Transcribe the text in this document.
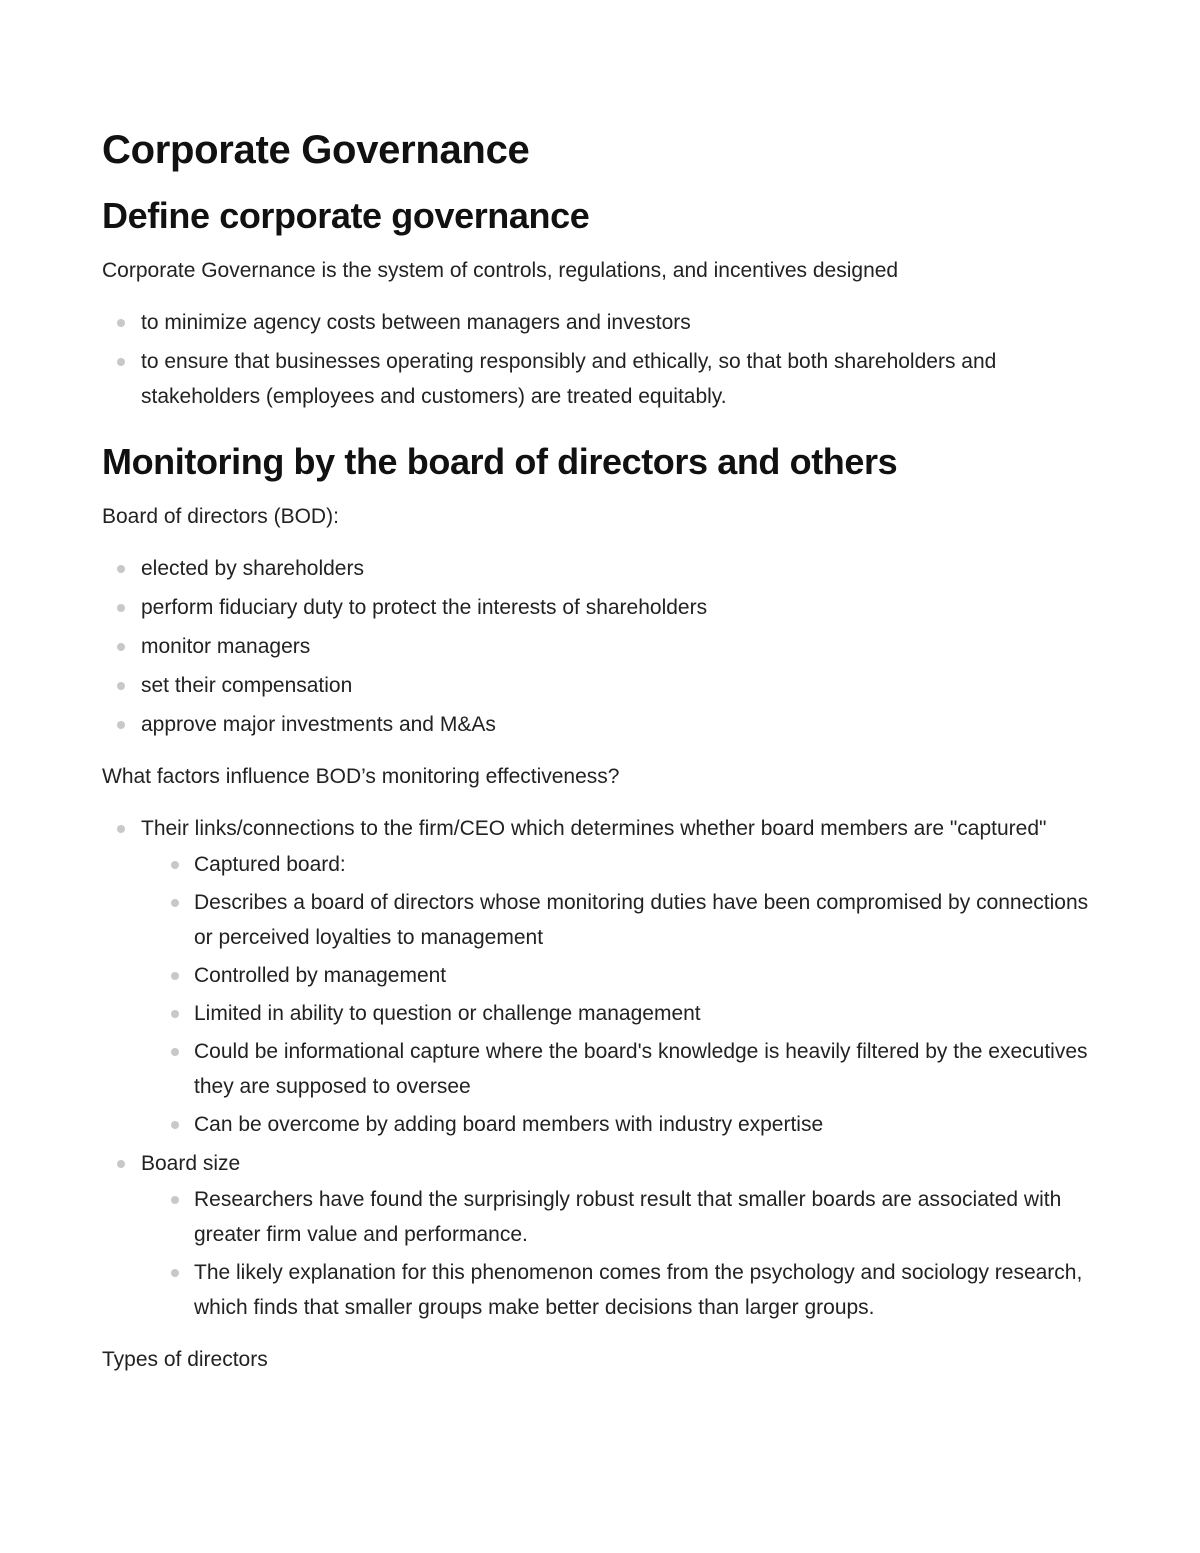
Corporate Governance
Define corporate governance

Corporate Governance is the system of controls, regulations, and incentives designed

to minimize agency costs between managers and investors
to ensure that businesses operating responsibly and ethically, so that both shareholders and stakeholders (employees and customers) are treated equitably.
Monitoring by the board of directors and others

Board of directors (BOD):

elected by shareholders
perform fiduciary duty to protect the interests of shareholders
monitor managers
set their compensation
approve major investments and M&As

What factors influence BOD’s monitoring effectiveness?

Their links/connections to the firm/CEO which determines whether board members are "captured"
Captured board:
Describes a board of directors whose monitoring duties have been compromised by connections or perceived loyalties to management
Controlled by management
Limited in ability to question or challenge management
Could be informational capture where the board's knowledge is heavily filtered by the executives they are supposed to oversee
Can be overcome by adding board members with industry expertise
Board size
Researchers have found the surprisingly robust result that smaller boards are associated with greater firm value and performance.
The likely explanation for this phenomenon comes from the psychology and sociology research, which finds that smaller groups make better decisions than larger groups.

Types of directors
